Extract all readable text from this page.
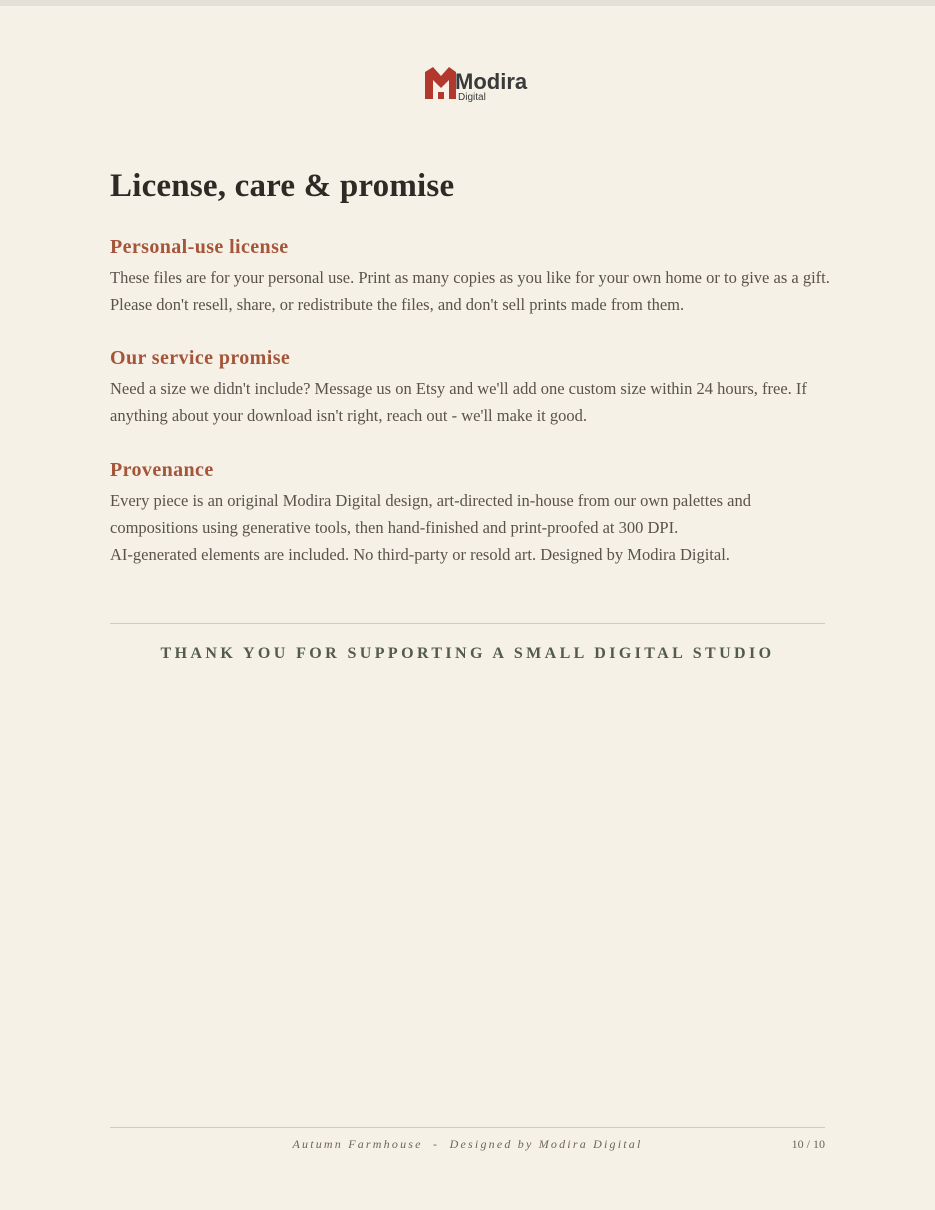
Modira
Digital
License, care & promise
Personal-use license

These files are for your personal use. Print as many copies as you like for your own home or to give as a gift. Please don't resell, share, or redistribute the files, and don't sell prints made from them.

Our service promise

Need a size we didn't include? Message us on Etsy and we'll add one custom size within 24 hours, free. If anything about your download isn't right, reach out - we'll make it good.

Provenance

Every piece is an original Modira Digital design, art-directed in-house from our own palettes and compositions using generative tools, then hand-finished and print-proofed at 300 DPI.
AI-generated elements are included. No third-party or resold art. Designed by Modira Digital.

THANK YOU FOR SUPPORTING A SMALL DIGITAL STUDIO
Autumn Farmhouse  -  Designed by Modira Digital	10 / 10
